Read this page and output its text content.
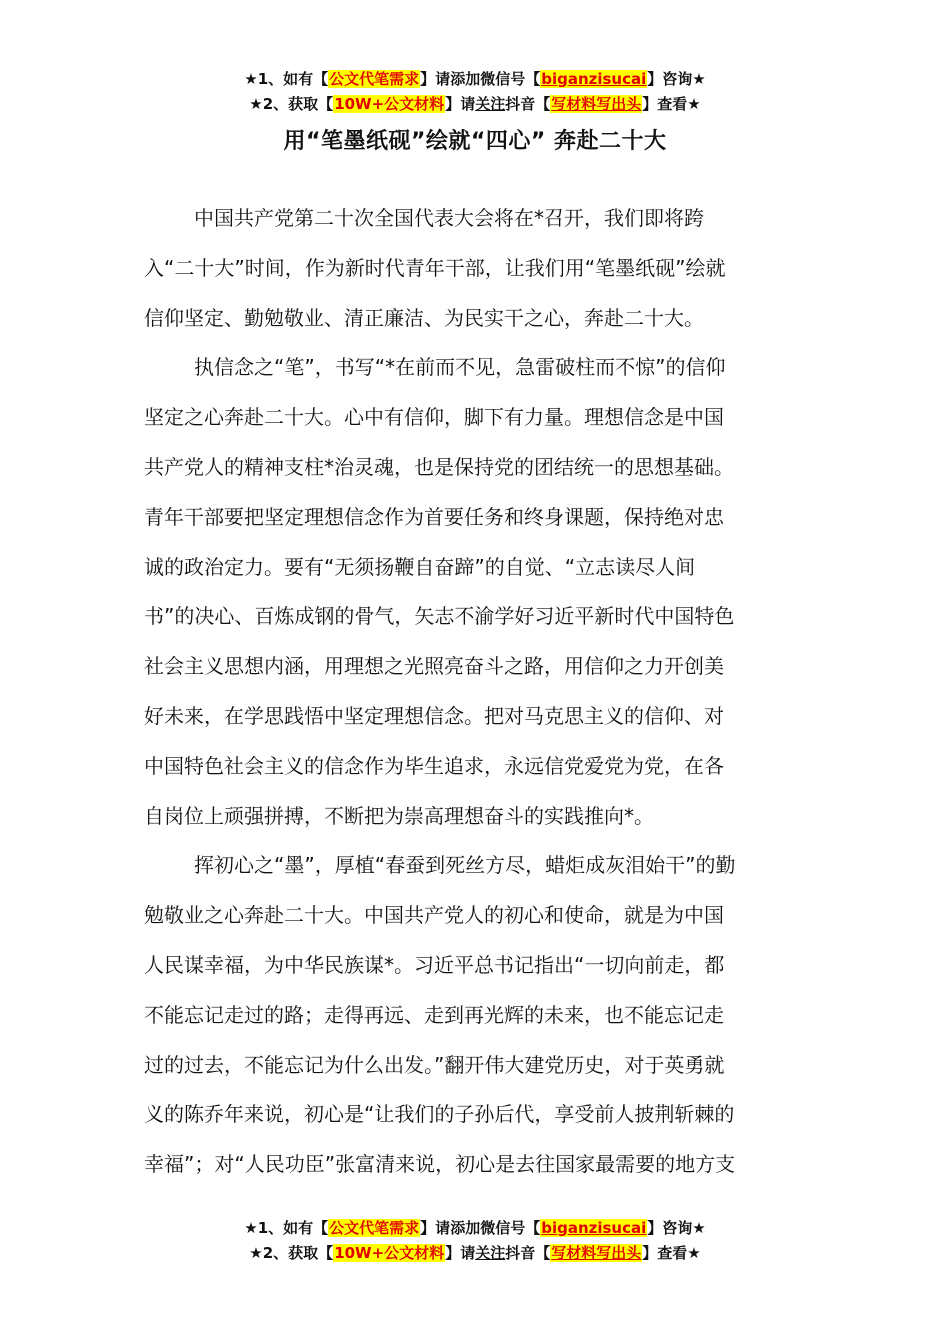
★1、如有【公文代笔需求】请添加微信号【biganzisucai】咨询★
★2、获取【10W+公文材料】请关注抖音【写材料写出头】查看★
用“笔墨纸砚”绘就“四心” 奔赴二十大
中国共产党第二十次全国代表大会将在*召开，我们即将跨
入“二十大”时间，作为新时代青年干部，让我们用“笔墨纸砚”绘就
信仰坚定、勤勉敬业、清正廉洁、为民实干之心，奔赴二十大。
执信念之“笔”，书写“*在前而不见，急雷破柱而不惊”的信仰
坚定之心奔赴二十大。心中有信仰，脚下有力量。理想信念是中国
共产党人的精神支柱*治灵魂，也是保持党的团结统一的思想基础。
青年干部要把坚定理想信念作为首要任务和终身课题，保持绝对忠
诚的政治定力。要有“无须扬鞭自奋蹄”的自觉、“立志读尽人间
书”的决心、百炼成钢的骨气，矢志不渝学好习近平新时代中国特色
社会主义思想内涵，用理想之光照亮奋斗之路，用信仰之力开创美
好未来，在学思践悟中坚定理想信念。把对马克思主义的信仰、对
中国特色社会主义的信念作为毕生追求，永远信党爱党为党，在各
自岗位上顽强拼搏，不断把为崇高理想奋斗的实践推向*。
挥初心之“墨”，厚植“春蚕到死丝方尽，蜡炬成灰泪始干”的勤
勉敬业之心奔赴二十大。中国共产党人的初心和使命，就是为中国
人民谋幸福，为中华民族谋*。习近平总书记指出“一切向前走，都
不能忘记走过的路；走得再远、走到再光辉的未来，也不能忘记走
过的过去，不能忘记为什么出发。”翻开伟大建党历史，对于英勇就
义的陈乔年来说，初心是“让我们的子孙后代，享受前人披荆斩棘的
幸福”；对“人民功臣”张富清来说，初心是去往国家最需要的地方支
★1、如有【公文代笔需求】请添加微信号【biganzisucai】咨询★
★2、获取【10W+公文材料】请关注抖音【写材料写出头】查看★
